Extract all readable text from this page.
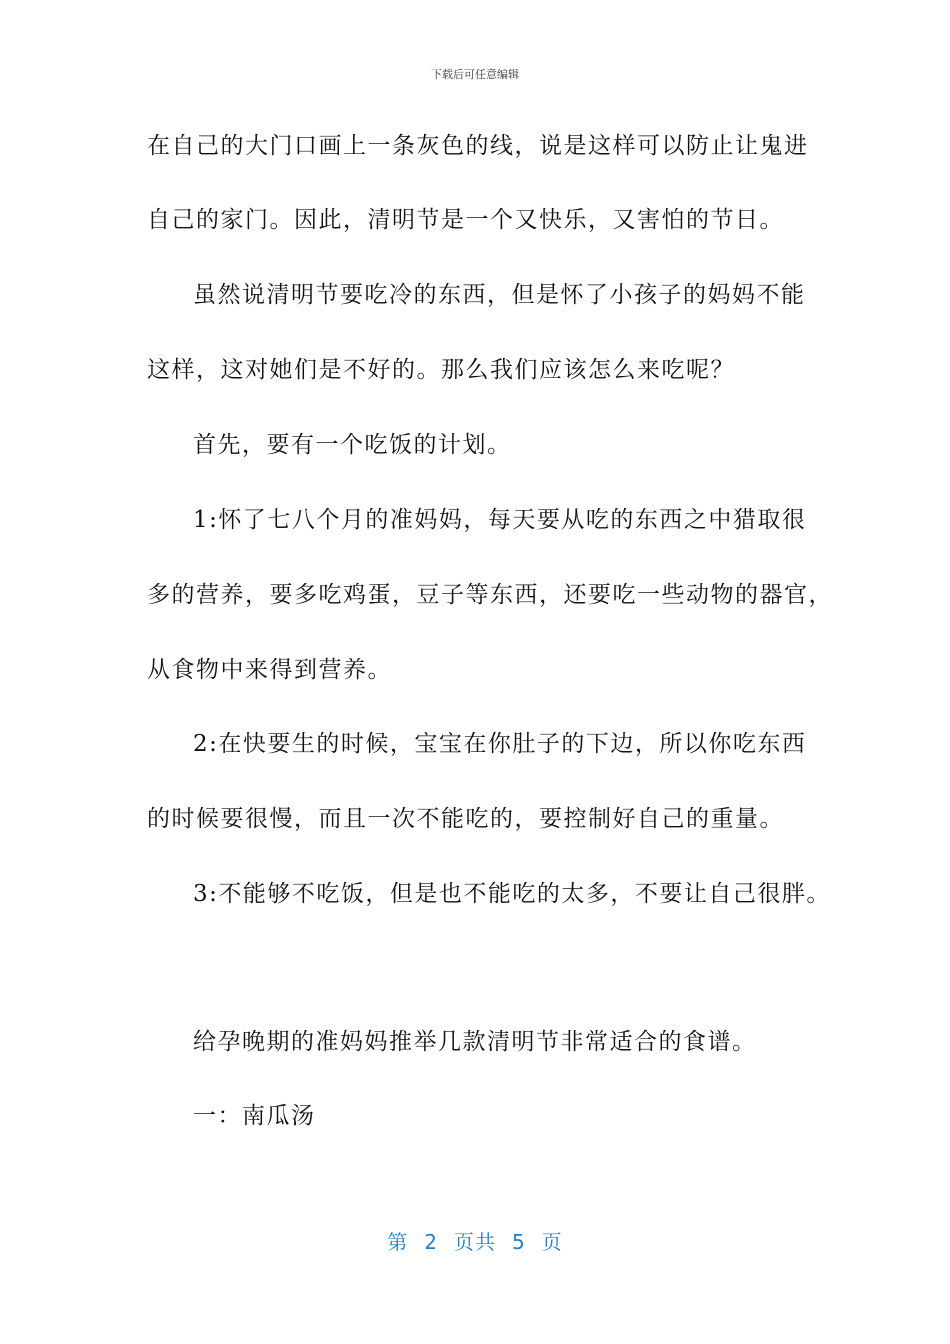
下载后可任意编辑
在自己的大门口画上一条灰色的线，说是这样可以防止让鬼进
自己的家门。因此，清明节是一个又快乐，又害怕的节日。
虽然说清明节要吃冷的东西，但是怀了小孩子的妈妈不能
这样，这对她们是不好的。那么我们应该怎么来吃呢？
首先，要有一个吃饭的计划。
1:怀了七八个月的准妈妈，每天要从吃的东西之中猎取很
多的营养，要多吃鸡蛋，豆子等东西，还要吃一些动物的器官，
从食物中来得到营养。
2:在快要生的时候，宝宝在你肚子的下边，所以你吃东西
的时候要很慢，而且一次不能吃的，要控制好自己的重量。
3:不能够不吃饭，但是也不能吃的太多，不要让自己很胖。
给孕晚期的准妈妈推举几款清明节非常适合的食谱。
一：南瓜汤
第 2 页共 5 页
